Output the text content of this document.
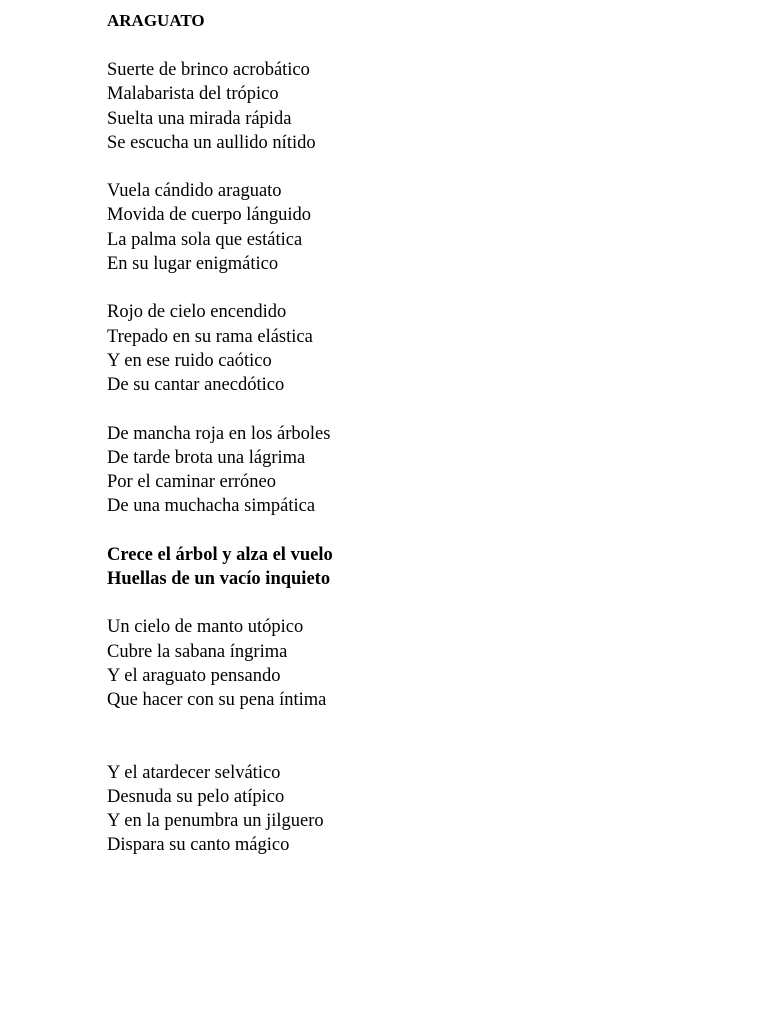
ARAGUATO
Suerte de brinco acrobático
Malabarista del trópico
Suelta una mirada rápida
Se escucha un aullido nítido
Vuela cándido araguato
Movida de cuerpo lánguido
La palma sola que estática
En su lugar enigmático
Rojo de cielo encendido
Trepado en su rama elástica
Y en ese ruido caótico
De su cantar anecdótico
De mancha roja en los árboles
De tarde brota una lágrima
Por el caminar erróneo
De una muchacha simpática
Crece el árbol y alza el vuelo
Huellas de un vacío inquieto
Un cielo de manto utópico
Cubre la sabana íngrima
Y el araguato pensando
Que hacer con su pena íntima
Y el atardecer selvático
Desnuda su pelo atípico
Y en la penumbra un jilguero
Dispara su canto mágico
